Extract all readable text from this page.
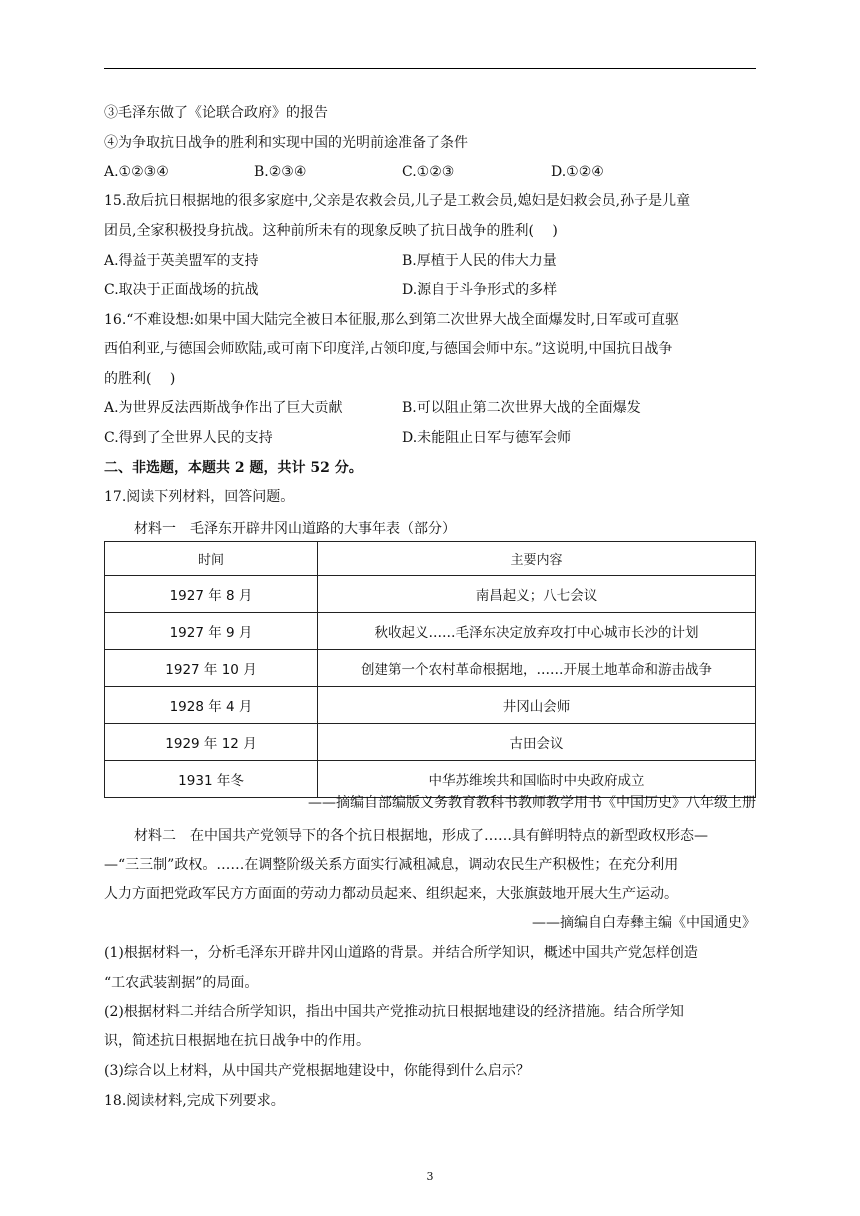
③毛泽东做了《论联合政府》的报告
④为争取抗日战争的胜利和实现中国的光明前途准备了条件
A.①②③④	B.②③④	C.①②③	D.①②④
15.敌后抗日根据地的很多家庭中,父亲是农救会员,儿子是工救会员,媳妇是妇救会员,孙子是儿童
团员,全家积极投身抗战。这种前所未有的现象反映了抗日战争的胜利(　 )
A.得益于英美盟军的支持	B.厚植于人民的伟大力量
C.取决于正面战场的抗战	D.源自于斗争形式的多样
16.“不难设想:如果中国大陆完全被日本征服,那么到第二次世界大战全面爆发时,日军或可直驱
西伯利亚,与德国会师欧陆,或可南下印度洋,占领印度,与德国会师中东。”这说明,中国抗日战争
的胜利(　 )
A.为世界反法西斯战争作出了巨大贡献	B.可以阻止第二次世界大战的全面爆发
C.得到了全世界人民的支持	D.未能阻止日军与德军会师
二、非选题，本题共 2 题，共计 52 分。
17.阅读下列材料，回答问题。
材料一　毛泽东开辟井冈山道路的大事年表（部分）
时间	主要内容
1927 年 8 月	南昌起义；八七会议
1927 年 9 月	秋收起义……毛泽东决定放弃攻打中心城市长沙的计划
1927 年 10 月	创建第一个农村革命根据地，……开展土地革命和游击战争
1928 年 4 月	井冈山会师
1929 年 12 月	古田会议
1931 年冬	中华苏维埃共和国临时中央政府成立
——摘编自部编版义务教育教科书教师教学用书《中国历史》八年级上册
材料二　在中国共产党领导下的各个抗日根据地，形成了……具有鲜明特点的新型政权形态—
—“三三制”政权。……在调整阶级关系方面实行减租减息，调动农民生产积极性；在充分利用
人力方面把党政军民方方面面的劳动力都动员起来、组织起来，大张旗鼓地开展大生产运动。
——摘编自白寿彝主编《中国通史》
(1)根据材料一，分析毛泽东开辟井冈山道路的背景。并结合所学知识，概述中国共产党怎样创造
“工农武装割据”的局面。
(2)根据材料二并结合所学知识，指出中国共产党推动抗日根据地建设的经济措施。结合所学知
识，简述抗日根据地在抗日战争中的作用。
(3)综合以上材料，从中国共产党根据地建设中，你能得到什么启示？
18.阅读材料,完成下列要求。
3
